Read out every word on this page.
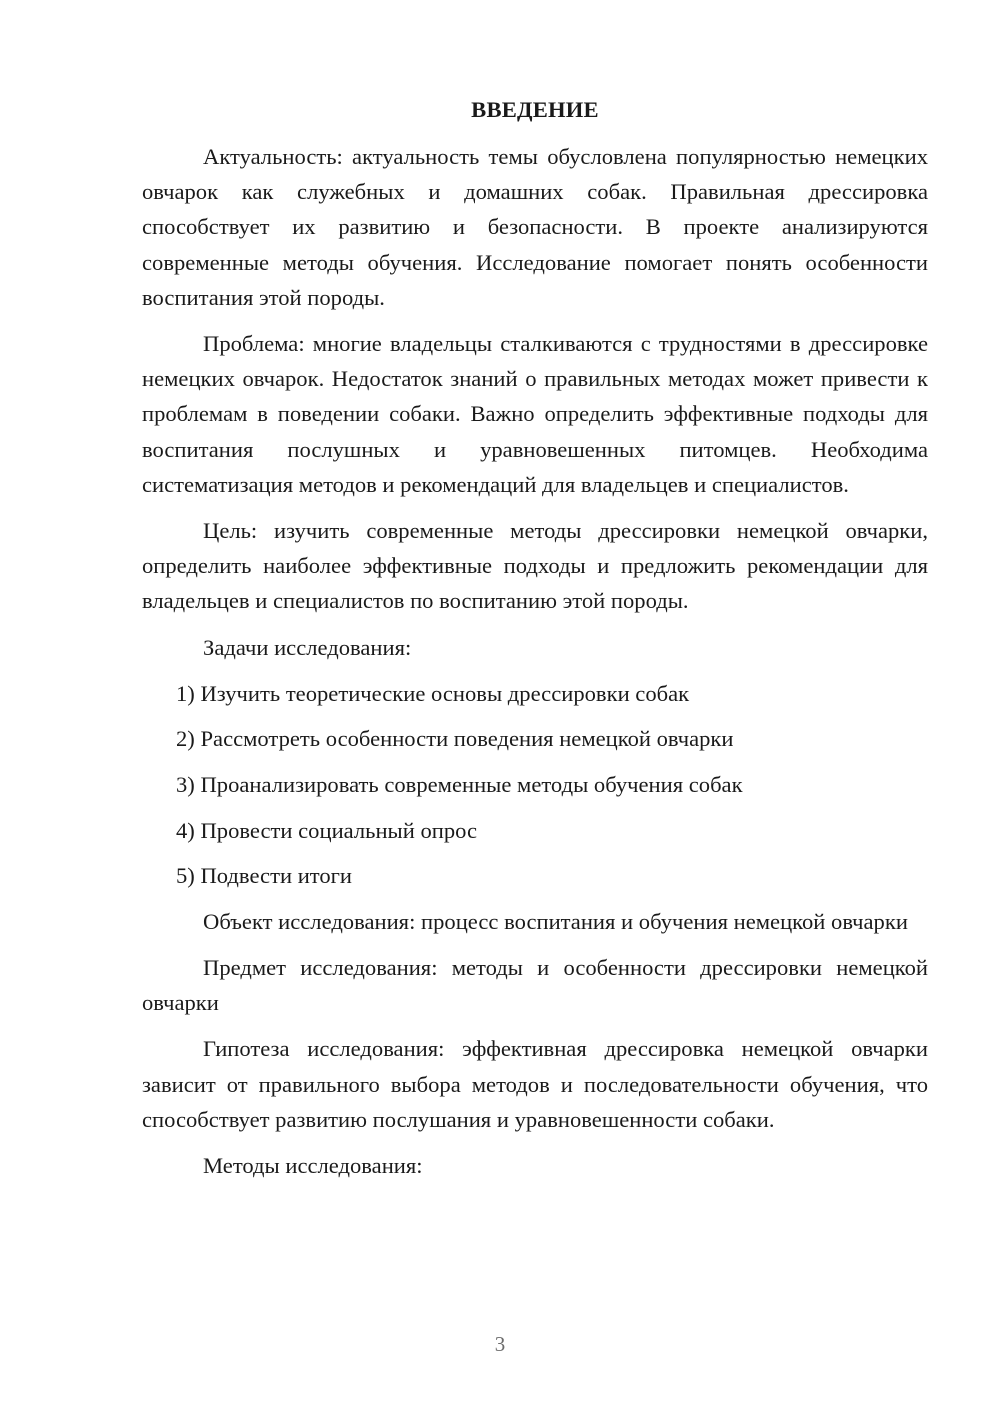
ВВЕДЕНИЕ

Актуальность: актуальность темы обусловлена популярностью немецких овчарок как служебных и домашних собак. Правильная дрессировка способствует их развитию и безопасности. В проекте анализируются современные методы обучения. Исследование помогает понять особенности воспитания этой породы.

Проблема: многие владельцы сталкиваются с трудностями в дрессировке немецких овчарок. Недостаток знаний о правильных методах может привести к проблемам в поведении собаки. Важно определить эффективные подходы для воспитания послушных и уравновешенных питомцев. Необходима систематизация методов и рекомендаций для владельцев и специалистов.

Цель: изучить современные методы дрессировки немецкой овчарки, определить наиболее эффективные подходы и предложить рекомендации для владельцев и специалистов по воспитанию этой породы.

Задачи исследования:

1) Изучить теоретические основы дрессировки собак
2) Рассмотреть особенности поведения немецкой овчарки
3) Проанализировать современные методы обучения собак
4) Провести социальный опрос
5) Подвести итоги

Объект исследования: процесс воспитания и обучения немецкой овчарки

Предмет исследования: методы и особенности дрессировки немецкой овчарки

Гипотеза исследования: эффективная дрессировка немецкой овчарки зависит от правильного выбора методов и последовательности обучения, что способствует развитию послушания и уравновешенности собаки.

Методы исследования:

3
